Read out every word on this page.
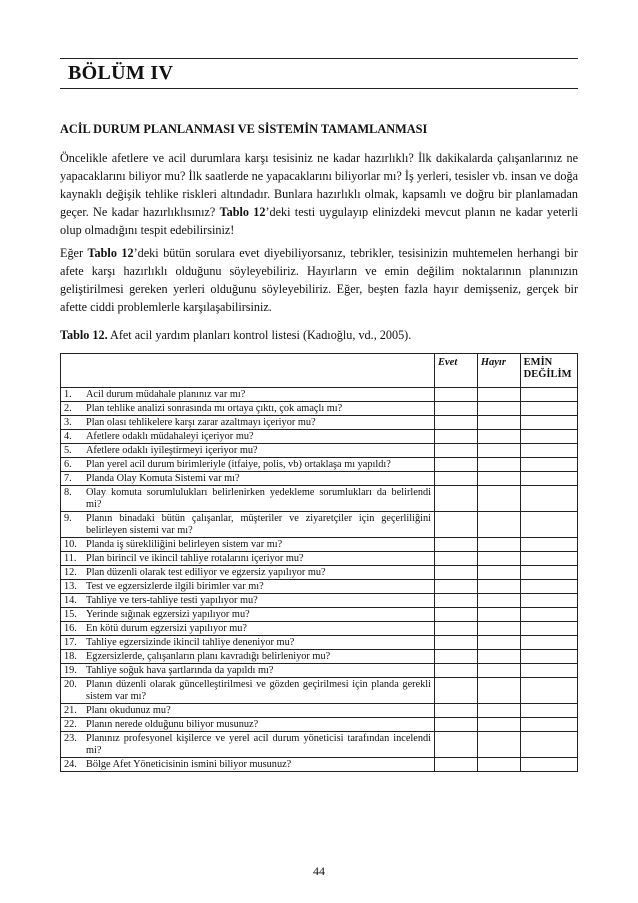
BÖLÜM IV
ACİL DURUM PLANLANMASI VE SİSTEMİN TAMAMLANMASI

Öncelikle afetlere ve acil durumlara karşı tesisiniz ne kadar hazırlıklı? İlk dakikalarda çalışanlarınız ne yapacaklarını biliyor mu? İlk saatlerde ne yapacaklarını biliyorlar mı? İş yerleri, tesisler vb. insan ve doğa kaynaklı değişik tehlike riskleri altındadır. Bunlara hazırlıklı olmak, kapsamlı ve doğru bir planlamadan geçer. Ne kadar hazırlıklısınız? Tablo 12’deki testi uygulayıp elinizdeki mevcut planın ne kadar yeterli olup olmadığını tespit edebilirsiniz!

Eğer Tablo 12’deki bütün sorulara evet diyebiliyorsanız, tebrikler, tesisinizin muhtemelen herhangi bir afete karşı hazırlıklı olduğunu söyleyebiliriz. Hayırların ve emin değilim noktalarının planınızın geliştirilmesi gereken yerleri olduğunu söyleyebiliriz. Eğer, beşten fazla hayır demişseniz, gerçek bir afette ciddi problemlerle karşılaşabilirsiniz.

Tablo 12. Afet acil yardım planları kontrol listesi (Kadıoğlu, vd., 2005).
	Evet	Hayır	EMİN DEĞİLİM

1. Acil durum müdahale planınız var mı?			

2. Plan tehlike analizi sonrasında mı ortaya çıktı, çok amaçlı mı?			

3. Plan olası tehlikelere karşı zarar azaltmayı içeriyor mu?			

4. Afetlere odaklı müdahaleyi içeriyor mu?			

5. Afetlere odaklı iyileştirmeyi içeriyor mu?			

6. Plan yerel acil durum birimleriyle (itfaiye, polis, vb) ortaklaşa mı yapıldı?			

7. Planda Olay Komuta Sistemi var mı?			

8. Olay komuta sorumlulukları belirlenirken yedekleme sorumlukları da belirlendi mi?			

9. Planın binadaki bütün çalışanlar, müşteriler ve ziyaretçiler için geçerliliğini belirleyen sistemi var mı?			

10. Planda iş sürekliliğini belirleyen sistem var mı?			

11. Plan birincil ve ikincil tahliye rotalarını içeriyor mu?			

12. Plan düzenli olarak test ediliyor ve egzersiz yapılıyor mu?			

13. Test ve egzersizlerde ilgili birimler var mı?			

14. Tahliye ve ters-tahliye testi yapılıyor mu?			

15. Yerinde sığınak egzersizi yapılıyor mu?			

16. En kötü durum egzersizi yapılıyor mu?			

17. Tahliye egzersizinde ikincil tahliye deneniyor mu?			

18. Egzersizlerde, çalışanların planı kavradığı belirleniyor mu?			

19. Tahliye soğuk hava şartlarında da yapıldı mı?			

20. Planın düzenli olarak güncelleştirilmesi ve gözden geçirilmesi için planda gerekli sistem var mı?			

21. Planı okudunuz mu?			

22. Planın nerede olduğunu biliyor musunuz?			

23. Planınız profesyonel kişilerce ve yerel acil durum yöneticisi tarafından incelendi mi?			

24. Bölge Afet Yöneticisinin ismini biliyor musunuz?			

44
